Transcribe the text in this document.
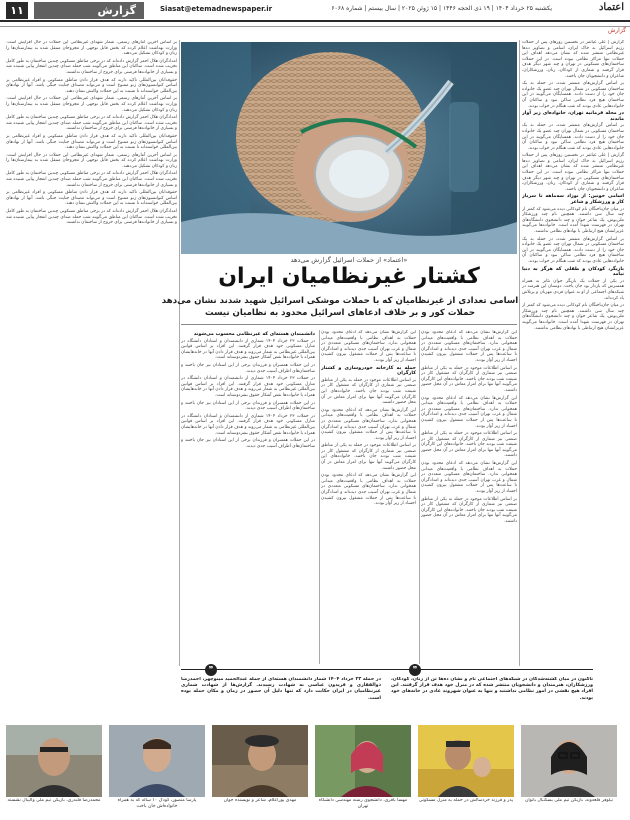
۱۱	گزارش	Siasat@etemadnewspaper.ir	یکشنبه ۲۵ خرداد ۱۴۰۴ | ۱۹ ذی الحجه ۱۴۴۶ | ۱۵ ژوئن ۲۰۲۵ | سال بیستم | شماره ۶۰۶۸	اعتماد
گزارش

گزارش | علی غیاثفر در نخستین روزهای پس از حملات رژیم اسرائیل به خاک ایران، اسامی و تصاویر ده‌ها غیرنظامی منتشر شده که نشان می‌دهد اهداف این حملات تنها مراکز نظامی نبوده است. در این حملات ساختمان‌های مسکونی در تهران و چند شهر دیگر هدف قرار گرفتند و شماری از کودکان، زنان، ورزشکاران، شاعران و دانشجویان جان باختند.

بر اساس گزارش‌های منتشر شده، در حمله به یک ساختمان مسکونی در شمال تهران چند عضو یک خانواده جان خود را از دست دادند. همسایگان می‌گویند در این ساختمان هیچ فرد نظامی ساکن نبود و ساکنان آن خانواده‌هایی عادی بودند که شب هنگام در خواب بودند.

در محله فرمانیه تهران، خانواده‌ای زیر آوار ماندند

بر اساس گزارش‌های منتشر شده، در حمله به یک ساختمان مسکونی در شمال تهران چند عضو یک خانواده جان خود را از دست دادند. همسایگان می‌گویند در این ساختمان هیچ فرد نظامی ساکن نبود و ساکنان آن خانواده‌هایی عادی بودند که شب هنگام در خواب بودند.

گزارش | علی غیاثفر در نخستین روزهای پس از حملات رژیم اسرائیل به خاک ایران، اسامی و تصاویر ده‌ها غیرنظامی منتشر شده که نشان می‌دهد اهداف این حملات تنها مراکز نظامی نبوده است. در این حملات ساختمان‌های مسکونی در تهران و چند شهر دیگر هدف قرار گرفتند و شماری از کودکان، زنان، ورزشکاران، شاعران و دانشجویان جان باختند.

اسامی خونین: از نوزاد سه‌ماهه تا سرباز کار و ورزشکار و شاعر

در میان جان‌باختگان نام کودکانی دیده می‌شود که کمتر از چند سال سن داشتند. همچنین نام چند ورزشکار ملی‌پوش، یک شاعر جوان و چند دانشجوی دانشگاه‌های تهران در فهرست شهدا آمده است. خانواده‌ها می‌گویند عزیزانشان هیچ ارتباطی با نهادهای نظامی نداشتند.

بر اساس گزارش‌های منتشر شده، در حمله به یک ساختمان مسکونی در شمال تهران چند عضو یک خانواده جان خود را از دست دادند. همسایگان می‌گویند در این ساختمان هیچ فرد نظامی ساکن نبود و ساکنان آن خانواده‌هایی عادی بودند که شب هنگام در خواب بودند.

بازیگر، کودکان و طفلی که هرگز به دنیا نیامد

در یکی از حملات یک بازیگر جوان تئاتر به همراه همسرش که باردار بود جان باخت. دوستان این هنرمند در شبکه‌های اجتماعی از او به عنوان فردی مهربان و پرتلاش یاد کرده‌اند.

در میان جان‌باختگان نام کودکانی دیده می‌شود که کمتر از چند سال سن داشتند. همچنین نام چند ورزشکار ملی‌پوش، یک شاعر جوان و چند دانشجوی دانشگاه‌های تهران در فهرست شهدا آمده است. خانواده‌ها می‌گویند عزیزانشان هیچ ارتباطی با نهادهای نظامی نداشتند.

بر اساس آخرین آمارهای رسمی، شمار شهدای غیرنظامی این حملات در حال افزایش است. وزارت بهداشت اعلام کرده که بخش قابل توجهی از مجروحان منتقل شده به بیمارستان‌ها را زنان و کودکان تشکیل می‌دهند.

امدادگران هلال احمر گزارش داده‌اند که در برخی مناطق مسکونی چندین ساختمان به طور کامل تخریب شده است. ساکنان این مناطق می‌گویند شب حمله صدای چندین انفجار پیاپی شنیده شد و بسیاری از خانواده‌ها فرصتی برای خروج از ساختمان نداشتند.

حقوقدانان بین‌المللی تاکید دارند که هدف قرار دادن مناطق مسکونی و افراد غیرنظامی بر اساس کنوانسیون‌های ژنو ممنوع است و می‌تواند مصداق جنایت جنگی باشد. آنها از نهادهای بین‌المللی خواسته‌اند تا نسبت به این حملات واکنش نشان دهند.

بر اساس آخرین آمارهای رسمی، شمار شهدای غیرنظامی این حملات در حال افزایش است. وزارت بهداشت اعلام کرده که بخش قابل توجهی از مجروحان منتقل شده به بیمارستان‌ها را زنان و کودکان تشکیل می‌دهند.

امدادگران هلال احمر گزارش داده‌اند که در برخی مناطق مسکونی چندین ساختمان به طور کامل تخریب شده است. ساکنان این مناطق می‌گویند شب حمله صدای چندین انفجار پیاپی شنیده شد و بسیاری از خانواده‌ها فرصتی برای خروج از ساختمان نداشتند.

حقوقدانان بین‌المللی تاکید دارند که هدف قرار دادن مناطق مسکونی و افراد غیرنظامی بر اساس کنوانسیون‌های ژنو ممنوع است و می‌تواند مصداق جنایت جنگی باشد. آنها از نهادهای بین‌المللی خواسته‌اند تا نسبت به این حملات واکنش نشان دهند.

بر اساس آخرین آمارهای رسمی، شمار شهدای غیرنظامی این حملات در حال افزایش است. وزارت بهداشت اعلام کرده که بخش قابل توجهی از مجروحان منتقل شده به بیمارستان‌ها را زنان و کودکان تشکیل می‌دهند.

امدادگران هلال احمر گزارش داده‌اند که در برخی مناطق مسکونی چندین ساختمان به طور کامل تخریب شده است. ساکنان این مناطق می‌گویند شب حمله صدای چندین انفجار پیاپی شنیده شد و بسیاری از خانواده‌ها فرصتی برای خروج از ساختمان نداشتند.

حقوقدانان بین‌المللی تاکید دارند که هدف قرار دادن مناطق مسکونی و افراد غیرنظامی بر اساس کنوانسیون‌های ژنو ممنوع است و می‌تواند مصداق جنایت جنگی باشد. آنها از نهادهای بین‌المللی خواسته‌اند تا نسبت به این حملات واکنش نشان دهند.

امدادگران هلال احمر گزارش داده‌اند که در برخی مناطق مسکونی چندین ساختمان به طور کامل تخریب شده است. ساکنان این مناطق می‌گویند شب حمله صدای چندین انفجار پیاپی شنیده شد و بسیاری از خانواده‌ها فرصتی برای خروج از ساختمان نداشتند.

«اعتماد» از حملات اسرائیل گزارش می‌دهد
کشتار غیرنظامیان ایران
اسامی تعدادی از غیرنظامیان که با حملات موشکی اسرائیل شهید شدند نشان می‌دهد
حملات کور و بر خلاف ادعاهای اسرائیل محدود به نظامیان نیست

این گزارش‌ها نشان می‌دهد که ادعای محدود بودن حملات به اهداف نظامی با واقعیت‌های میدانی همخوانی ندارد. ساختمان‌های مسکونی متعددی در شمال و غرب تهران آسیب جدی دیده‌اند و امدادگران تا ساعت‌ها پس از حملات مشغول بیرون کشیدن اجساد از زیر آوار بودند.

بر اساس اطلاعات موجود در حمله به یکی از مناطق صنعتی نیز شماری از کارگران که مشغول کار در شیفت شب بودند جان باختند. خانواده‌های این کارگران می‌گویند آنها تنها برای امرار معاش در آن محل حضور داشتند.

این گزارش‌ها نشان می‌دهد که ادعای محدود بودن حملات به اهداف نظامی با واقعیت‌های میدانی همخوانی ندارد. ساختمان‌های مسکونی متعددی در شمال و غرب تهران آسیب جدی دیده‌اند و امدادگران تا ساعت‌ها پس از حملات مشغول بیرون کشیدن اجساد از زیر آوار بودند.

بر اساس اطلاعات موجود در حمله به یکی از مناطق صنعتی نیز شماری از کارگران که مشغول کار در شیفت شب بودند جان باختند. خانواده‌های این کارگران می‌گویند آنها تنها برای امرار معاش در آن محل حضور داشتند.

این گزارش‌ها نشان می‌دهد که ادعای محدود بودن حملات به اهداف نظامی با واقعیت‌های میدانی همخوانی ندارد. ساختمان‌های مسکونی متعددی در شمال و غرب تهران آسیب جدی دیده‌اند و امدادگران تا ساعت‌ها پس از حملات مشغول بیرون کشیدن اجساد از زیر آوار بودند.

بر اساس اطلاعات موجود در حمله به یکی از مناطق صنعتی نیز شماری از کارگران که مشغول کار در شیفت شب بودند جان باختند. خانواده‌های این کارگران می‌گویند آنها تنها برای امرار معاش در آن محل حضور داشتند.

این گزارش‌ها نشان می‌دهد که ادعای محدود بودن حملات به اهداف نظامی با واقعیت‌های میدانی همخوانی ندارد. ساختمان‌های مسکونی متعددی در شمال و غرب تهران آسیب جدی دیده‌اند و امدادگران تا ساعت‌ها پس از حملات مشغول بیرون کشیدن اجساد از زیر آوار بودند.

حمله به کارخانه خودروسازی و کشتار کارگران

بر اساس اطلاعات موجود در حمله به یکی از مناطق صنعتی نیز شماری از کارگران که مشغول کار در شیفت شب بودند جان باختند. خانواده‌های این کارگران می‌گویند آنها تنها برای امرار معاش در آن محل حضور داشتند.

این گزارش‌ها نشان می‌دهد که ادعای محدود بودن حملات به اهداف نظامی با واقعیت‌های میدانی همخوانی ندارد. ساختمان‌های مسکونی متعددی در شمال و غرب تهران آسیب جدی دیده‌اند و امدادگران تا ساعت‌ها پس از حملات مشغول بیرون کشیدن اجساد از زیر آوار بودند.

بر اساس اطلاعات موجود در حمله به یکی از مناطق صنعتی نیز شماری از کارگران که مشغول کار در شیفت شب بودند جان باختند. خانواده‌های این کارگران می‌گویند آنها تنها برای امرار معاش در آن محل حضور داشتند.

این گزارش‌ها نشان می‌دهد که ادعای محدود بودن حملات به اهداف نظامی با واقعیت‌های میدانی همخوانی ندارد. ساختمان‌های مسکونی متعددی در شمال و غرب تهران آسیب جدی دیده‌اند و امدادگران تا ساعت‌ها پس از حملات مشغول بیرون کشیدن اجساد از زیر آوار بودند.

دانشمندان هسته‌ای که غیرنظامی محسوب می‌شوند

در حملات ۲۳ خرداد ۱۴۰۴ شماری از دانشمندان و استادان دانشگاه در منازل مسکونی خود هدف قرار گرفتند. این افراد بر اساس قوانین بین‌المللی غیرنظامی به شمار می‌روند و هدف قرار دادن آنها در خانه‌هایشان همراه با خانواده‌ها نقض آشکار حقوق بشردوستانه است.

در این حملات همسران و فرزندان برخی از این استادان نیز جان باختند و ساختمان‌های اطراف آسیب جدی دیدند.

در حملات ۲۳ خرداد ۱۴۰۴ شماری از دانشمندان و استادان دانشگاه در منازل مسکونی خود هدف قرار گرفتند. این افراد بر اساس قوانین بین‌المللی غیرنظامی به شمار می‌روند و هدف قرار دادن آنها در خانه‌هایشان همراه با خانواده‌ها نقض آشکار حقوق بشردوستانه است.

در این حملات همسران و فرزندان برخی از این استادان نیز جان باختند و ساختمان‌های اطراف آسیب جدی دیدند.

در حملات ۲۳ خرداد ۱۴۰۴ شماری از دانشمندان و استادان دانشگاه در منازل مسکونی خود هدف قرار گرفتند. این افراد بر اساس قوانین بین‌المللی غیرنظامی به شمار می‌روند و هدف قرار دادن آنها در خانه‌هایشان همراه با خانواده‌ها نقض آشکار حقوق بشردوستانه است.

در این حملات همسران و فرزندان برخی از این استادان نیز جان باختند و ساختمان‌های اطراف آسیب جدی دیدند.

❞	❞
در حمله ۲۳ خرداد ۱۴۰۴ شمار دانشمندان هسته‌ای از جمله عبدالحمید مینوچهر، احمدرضا ذوالفقاری و فریدون عباسی به شهادت رسیدند. گزارش‌ها از شهادت شماری غیرنظامیان در ایران حکایت دارد که تنها دلیل آن حضور در زمان و مکان حمله بوده است.
تاکنون در میان کشته‌شدگان در شبکه‌های اجتماعی نام و نشان ده‌ها تن از زنان، کودکان، ورزشکاران، هنرمندان و دانشجویان منتشر شده که در منزل خود هدف قرار گرفتند. این افراد هیچ نقشی در امور نظامی نداشتند و تنها به عنوان شهروند عادی در خانه‌های خود بودند.
محمدرضا قلندری، بازیکن تیم ملی والیبال نشسته	پارسا منصور، کودک ۱۰ ساله که به همراه خانواده‌اش جان باخت
مهدی پوراعلام، شاعر و نویسنده جوان	مهسا باقری، دانشجوی رشته مهندسی دانشگاه تهران
پدر و فرزند خردسالش در حمله به منزل مسکونی	نیلوفر قلعه‌وند، بازیکن تیم ملی بسکتبال بانوان
